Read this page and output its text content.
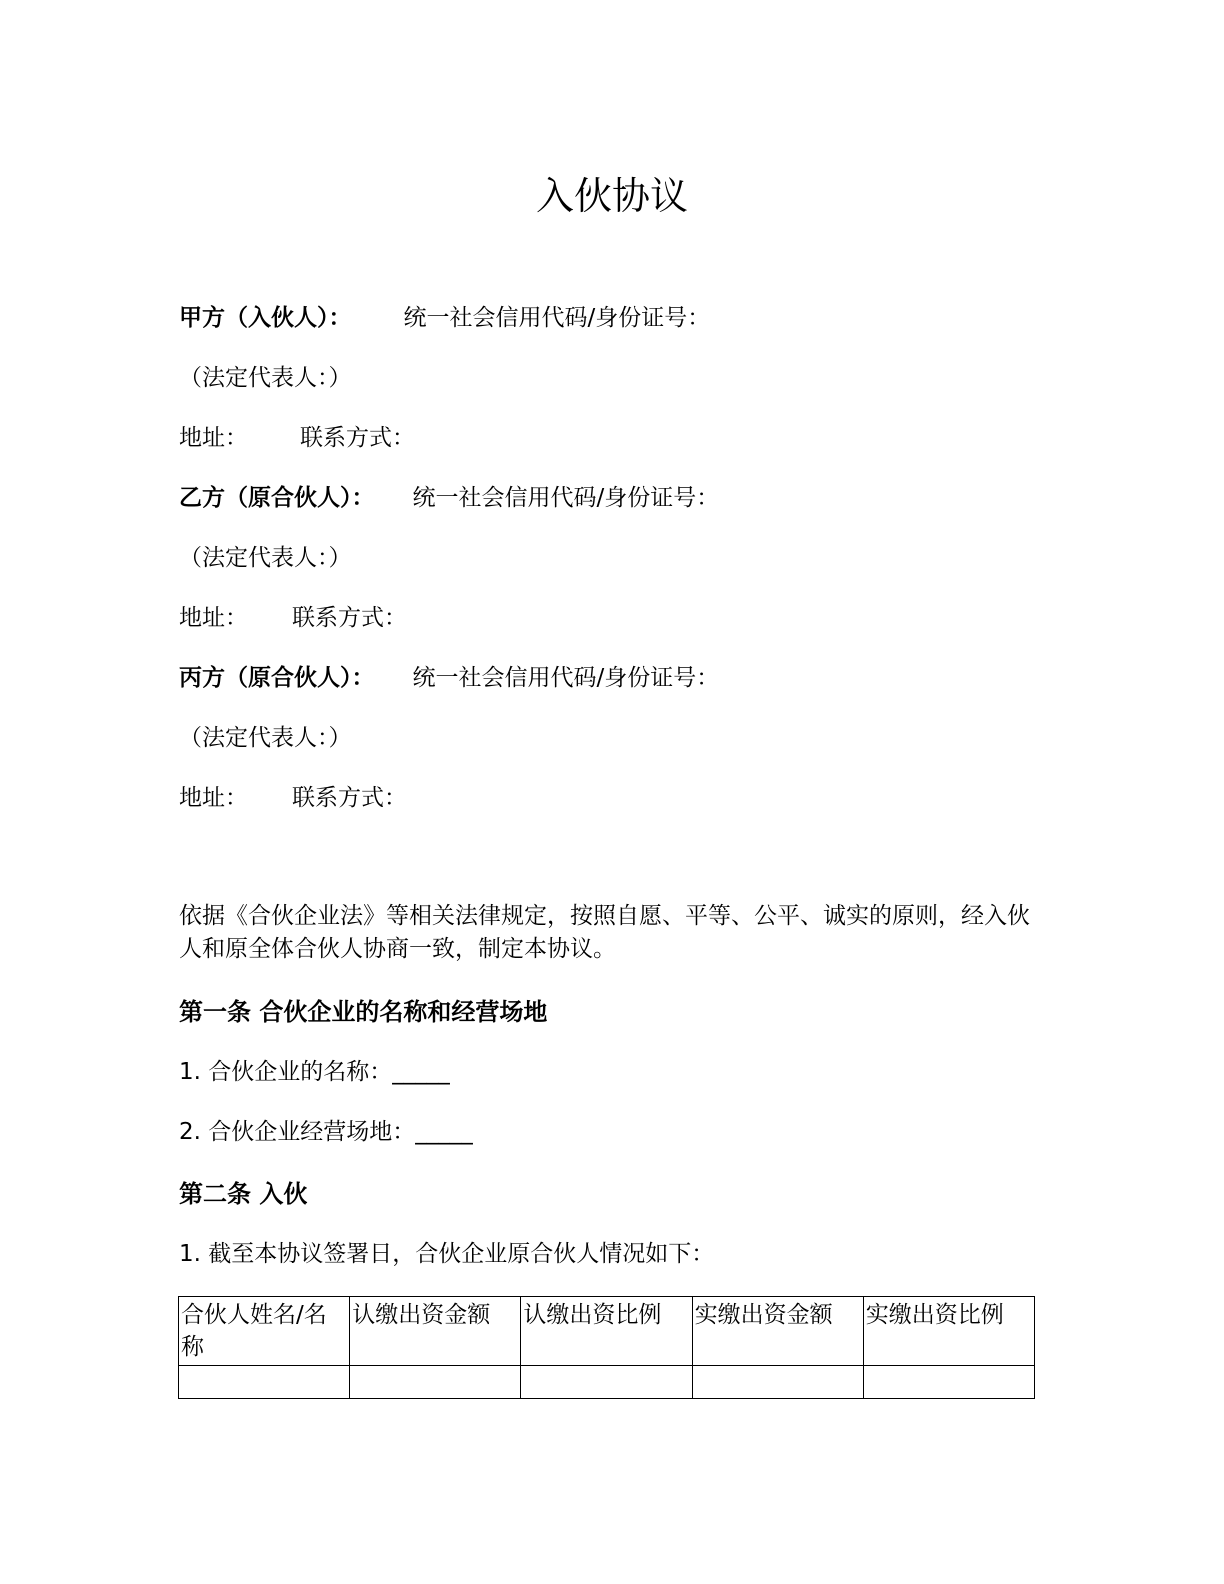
入伙协议
甲方（入伙人）： 统一社会信用代码/身份证号：
（法定代表人：）
地址： 联系方式：
乙方（原合伙人）： 统一社会信用代码/身份证号：
（法定代表人：）
地址： 联系方式：
丙方（原合伙人）： 统一社会信用代码/身份证号：
（法定代表人：）
地址： 联系方式：
依据《合伙企业法》等相关法律规定，按照自愿、平等、公平、诚实的原则，经入伙人和原全体合伙人协商一致，制定本协议。
第一条 合伙企业的名称和经营场地
1. 合伙企业的名称：_____
2. 合伙企业经营场地：_____
第二条 入伙
1. 截至本协议签署日，合伙企业原合伙人情况如下：
合伙人姓名/名称	认缴出资金额	认缴出资比例	实缴出资金额	实缴出资比例
